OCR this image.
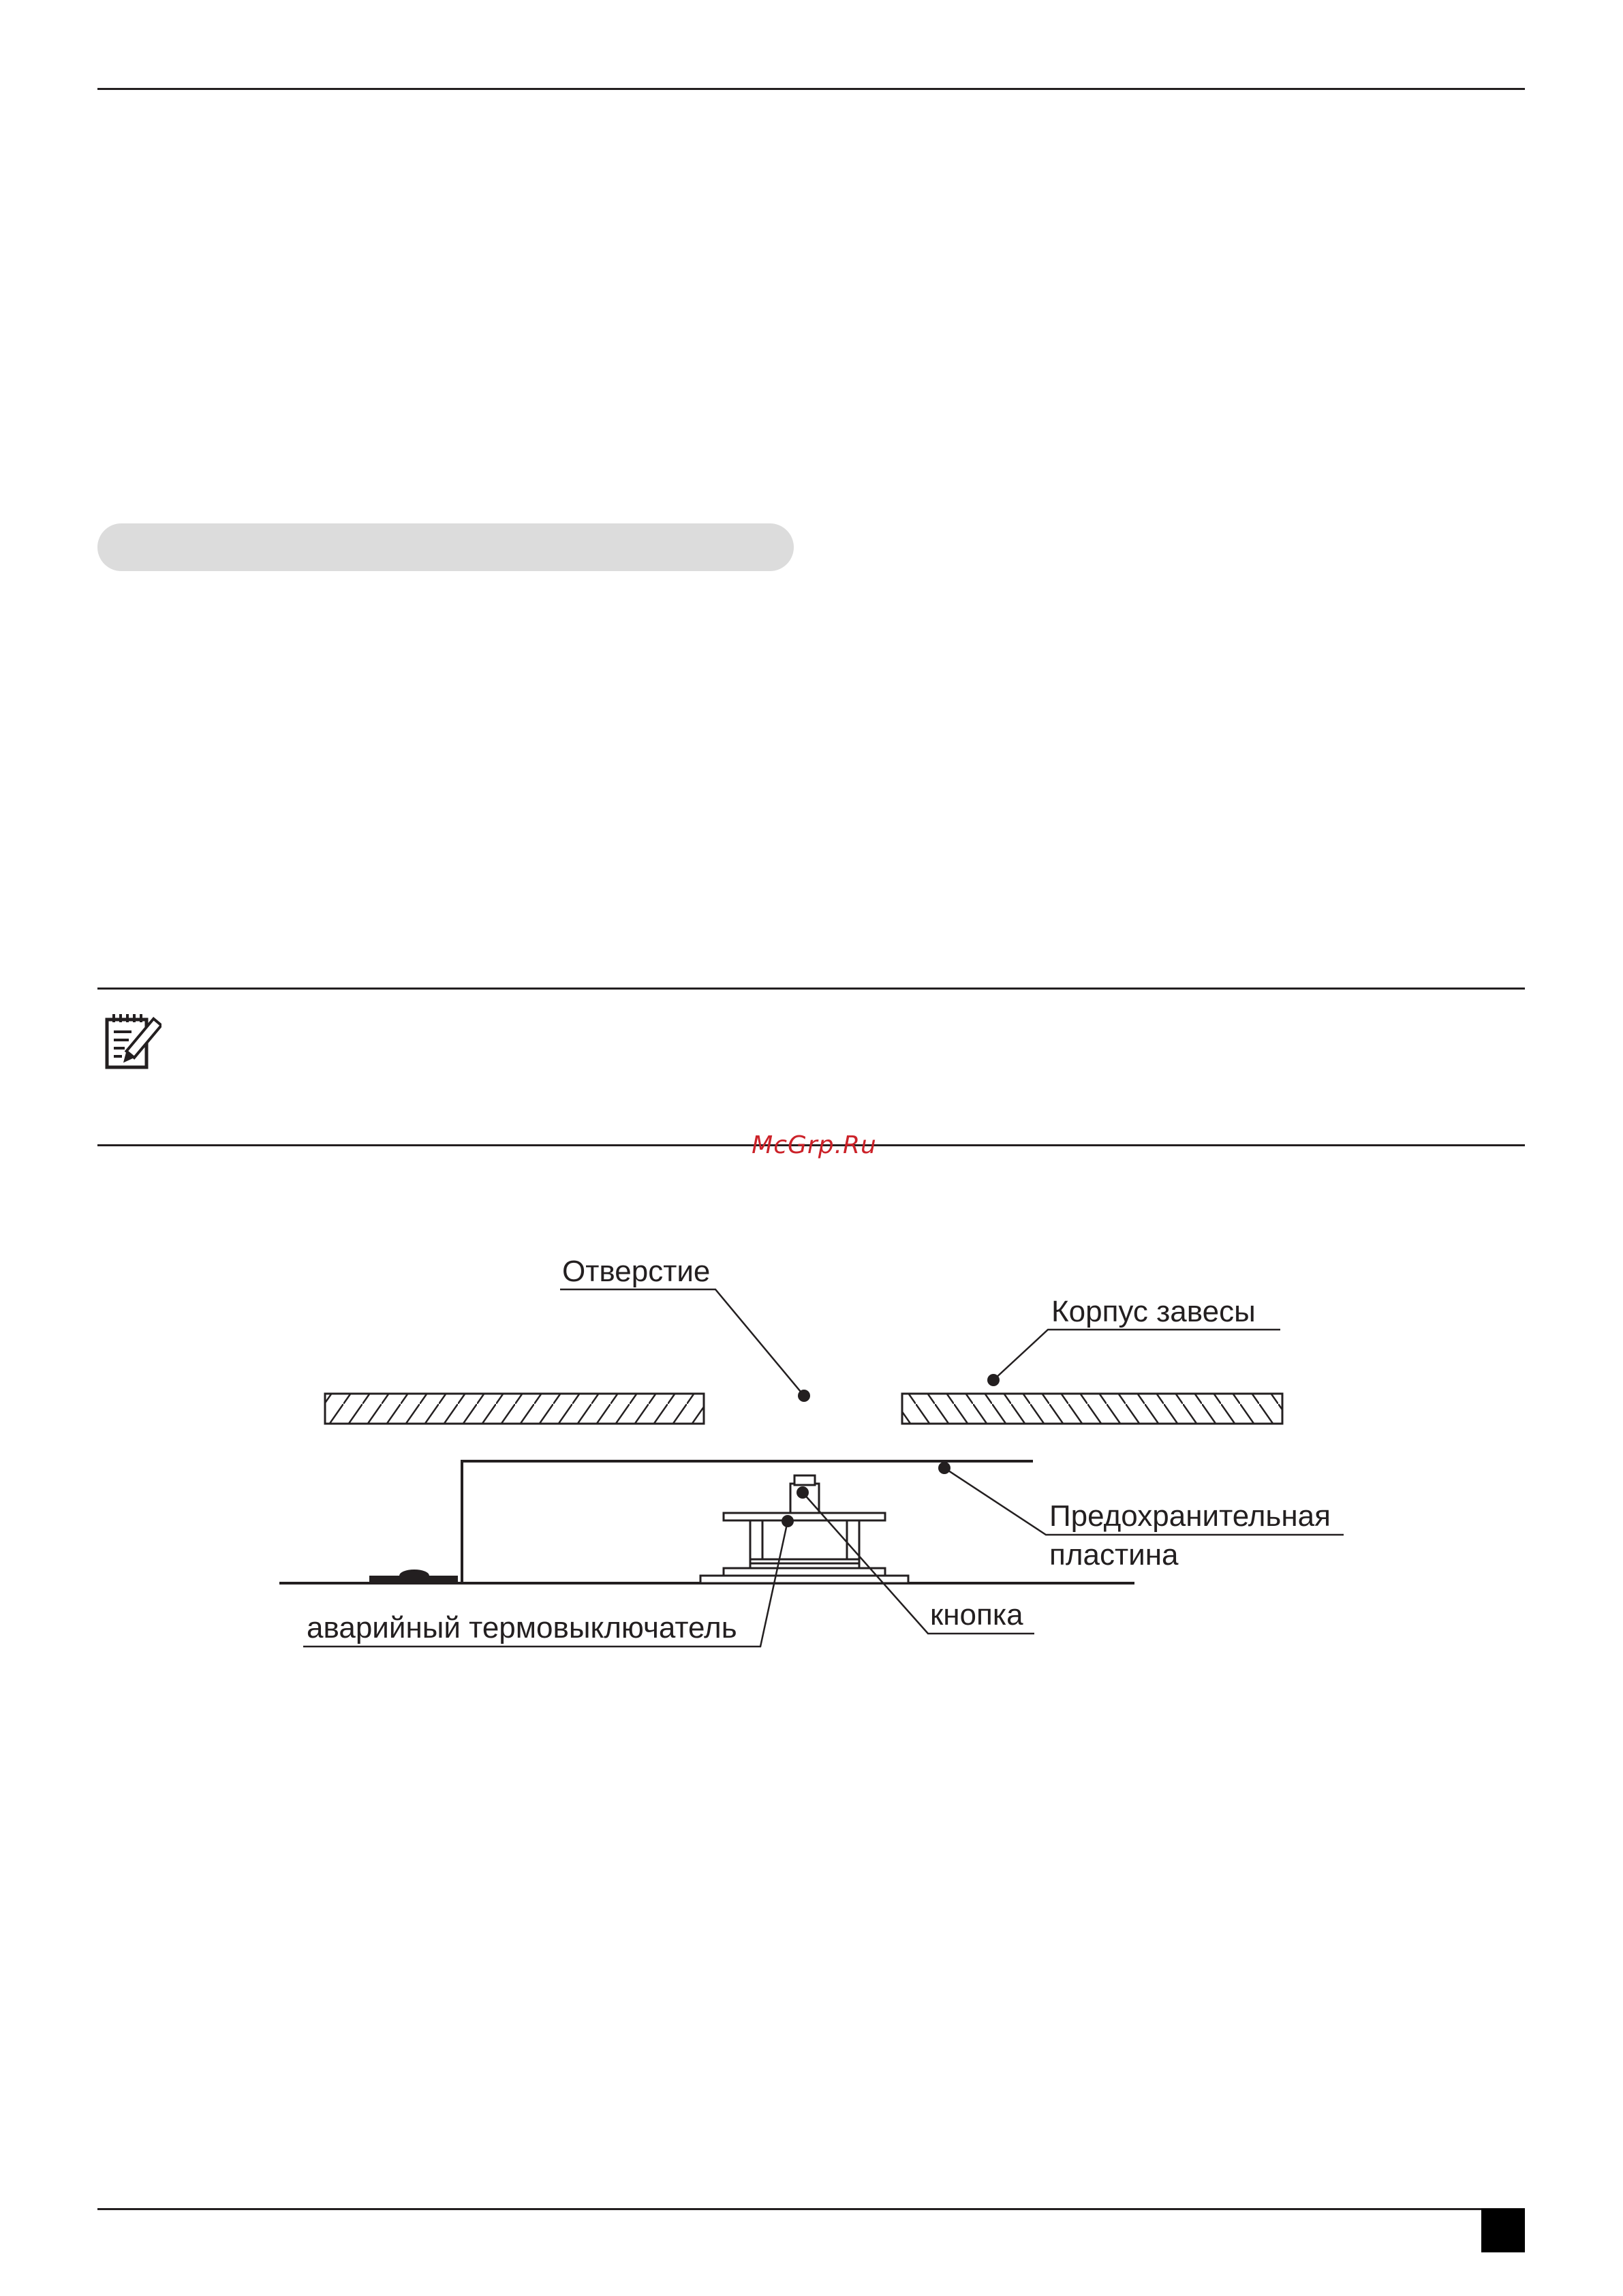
McGrp.Ru
Отверстие
Корпус завесы
Предохранительная
пластина
кнопка
аварийный термовыключатель
